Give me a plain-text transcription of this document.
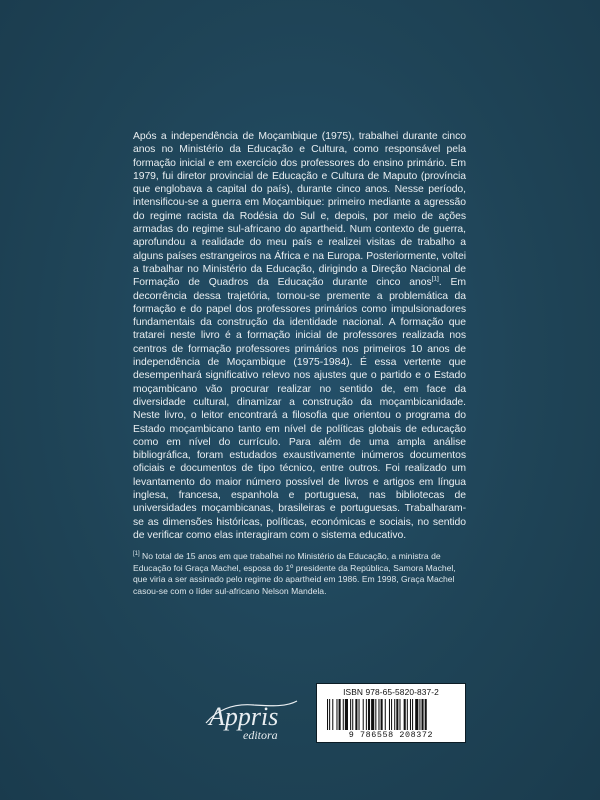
Após a independência de Moçambique (1975), trabalhei durante cinco anos no Ministério da Educação e Cultura, como responsável pela formação inicial e em exercício dos professores do ensino primário. Em 1979, fui diretor provincial de Educação e Cultura de Maputo (província que englobava a capital do país), durante cinco anos. Nesse período, intensificou-se a guerra em Moçambique: primeiro mediante a agressão do regime racista da Rodésia do Sul e, depois, por meio de ações armadas do regime sul-africano do apartheid. Num contexto de guerra, aprofundou a realidade do meu país e realizei visitas de trabalho a alguns países estrangeiros na África e na Europa. Posteriormente, voltei a trabalhar no Ministério da Educação, dirigindo a Direção Nacional de Formação de Quadros da Educação durante cinco anos[1]. Em decorrência dessa trajetória, tornou-se premente a problemática da formação e do papel dos professores primários como impulsionadores fundamentais da construção da identidade nacional. A formação que tratarei neste livro é a formação inicial de professores realizada nos centros de formação professores primários nos primeiros 10 anos de independência de Moçambique (1975-1984). É essa vertente que desempenhará significativo relevo nos ajustes que o partido e o Estado moçambicano vão procurar realizar no sentido de, em face da diversidade cultural, dinamizar a construção da moçambicanidade. Neste livro, o leitor encontrará a filosofia que orientou o programa do Estado moçambicano tanto em nível de políticas globais de educação como em nível do currículo. Para além de uma ampla análise bibliográfica, foram estudados exaustivamente inúmeros documentos oficiais e documentos de tipo técnico, entre outros. Foi realizado um levantamento do maior número possível de livros e artigos em língua inglesa, francesa, espanhola e portuguesa, nas bibliotecas de universidades moçambicanas, brasileiras e portuguesas. Trabalharam-se as dimensões históricas, políticas, económicas e sociais, no sentido de verificar como elas interagiram com o sistema educativo.

[1] No total de 15 anos em que trabalhei no Ministério da Educação, a ministra de Educação foi Graça Machel, esposa do 1º presidente da República, Samora Machel, que viria a ser assinado pelo regime do apartheid em 1986. Em 1998, Graça Machel casou-se com o líder sul-africano Nelson Mandela.

Appris
editora
ISBN 978-65-5820-837-2
9 786558 208372
